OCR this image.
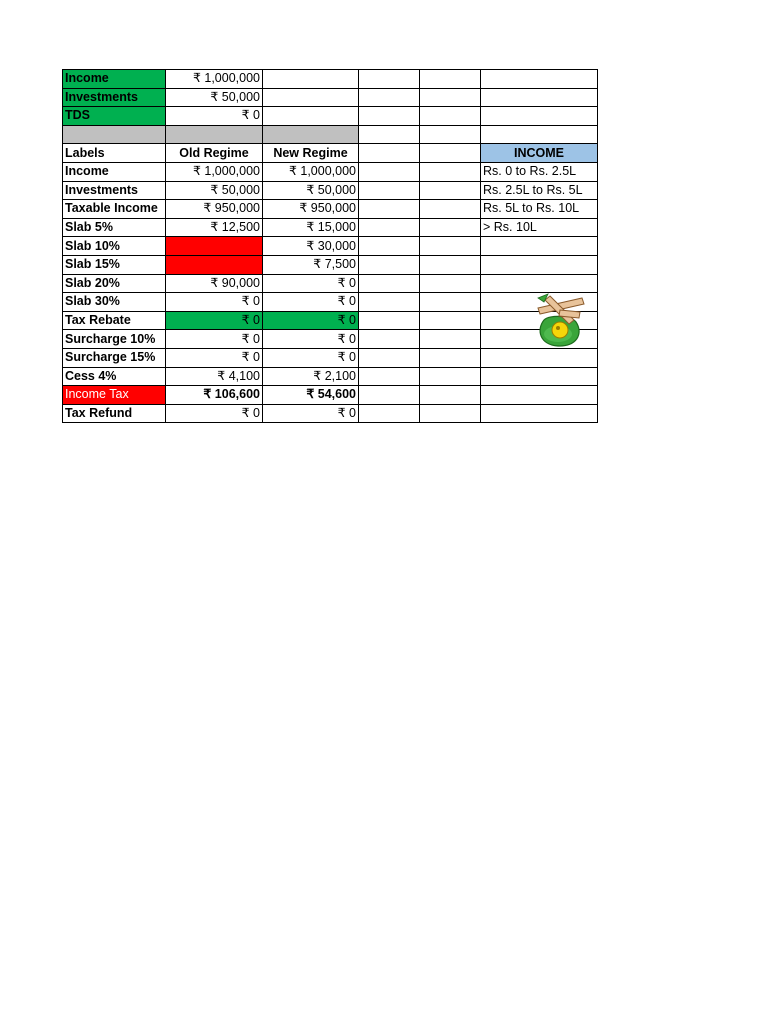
Income	₹ 1,000,000				
Investments	₹ 50,000				
TDS	₹ 0				

Labels	Old Regime	New Regime			INCOME
Income	₹ 1,000,000	₹ 1,000,000			Rs. 0 to Rs. 2.5L
Investments	₹ 50,000	₹ 50,000			Rs. 2.5L to Rs. 5L
Taxable Income	₹ 950,000	₹ 950,000			Rs. 5L to Rs. 10L
Slab 5%	₹ 12,500	₹ 15,000			> Rs. 10L
Slab 10%		₹ 30,000			
Slab 15%		₹ 7,500			
Slab 20%	₹ 90,000	₹ 0			
Slab 30%	₹ 0	₹ 0			
Tax Rebate	₹ 0	₹ 0			
Surcharge 10%	₹ 0	₹ 0			
Surcharge 15%	₹ 0	₹ 0			
Cess 4%	₹ 4,100	₹ 2,100			
Income Tax	₹ 106,600	₹ 54,600			
Tax Refund	₹ 0	₹ 0			
